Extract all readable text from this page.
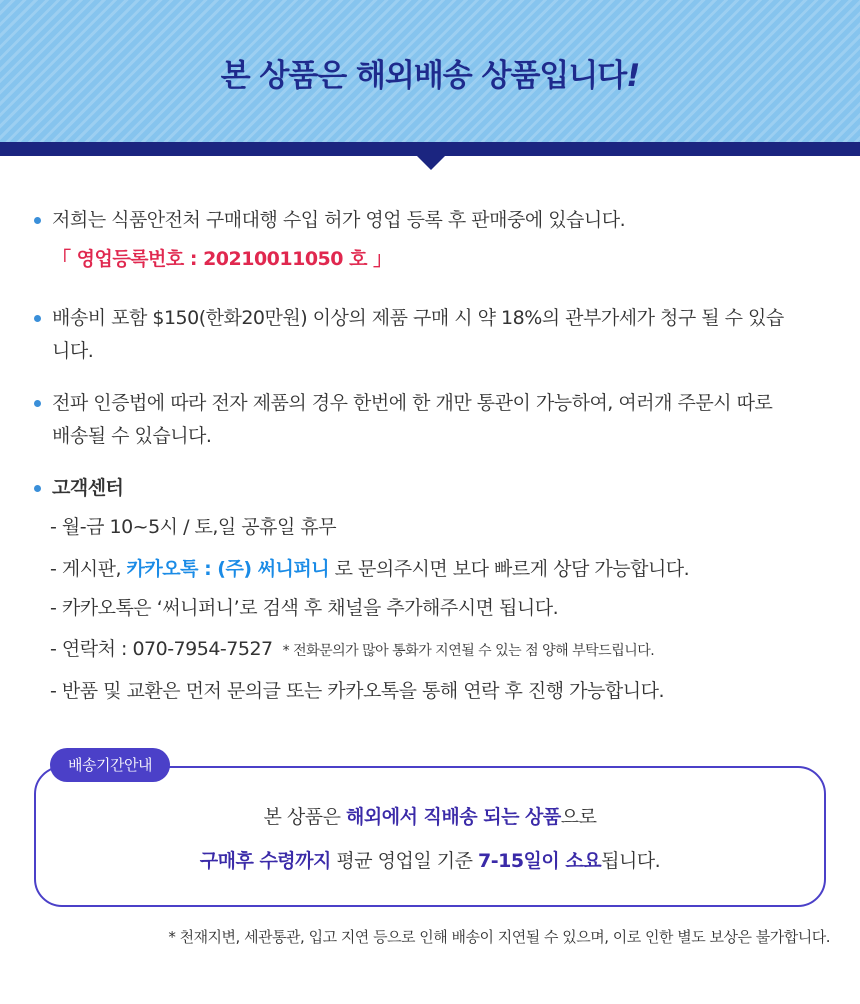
본 상품은 해외배송 상품입니다!
저희는 식품안전처 구매대행 수입 허가 영업 등록 후 판매중에 있습니다.
「 영업등록번호 : 20210011050 호 」
배송비 포함 $150(한화20만원) 이상의 제품 구매 시 약 18%의 관부가세가 청구 될 수 있습니다.
전파 인증법에 따라 전자 제품의 경우 한번에 한 개만 통관이 가능하여, 여러개 주문시 따로 배송될 수 있습니다.
고객센터
- 월-금 10~5시 / 토,일 공휴일 휴무
- 게시판, 카카오톡 : (주) 써니퍼니 로 문의주시면 보다 빠르게 상담 가능합니다.
- 카카오톡은 ‘써니퍼니’로 검색 후 채널을 추가해주시면 됩니다.
- 연락처 : 070-7954-7527 * 전화문의가 많아 통화가 지연될 수 있는 점 양해 부탁드립니다.
- 반품 및 교환은 먼저 문의글 또는 카카오톡을 통해 연락 후 진행 가능합니다.
본 상품은 해외에서 직배송 되는 상품으로
구매후 수령까지 평균 영업일 기준 7-15일이 소요됩니다.
배송기간안내
* 천재지변, 세관통관, 입고 지연 등으로 인해 배송이 지연될 수 있으며, 이로 인한 별도 보상은 불가합니다.
